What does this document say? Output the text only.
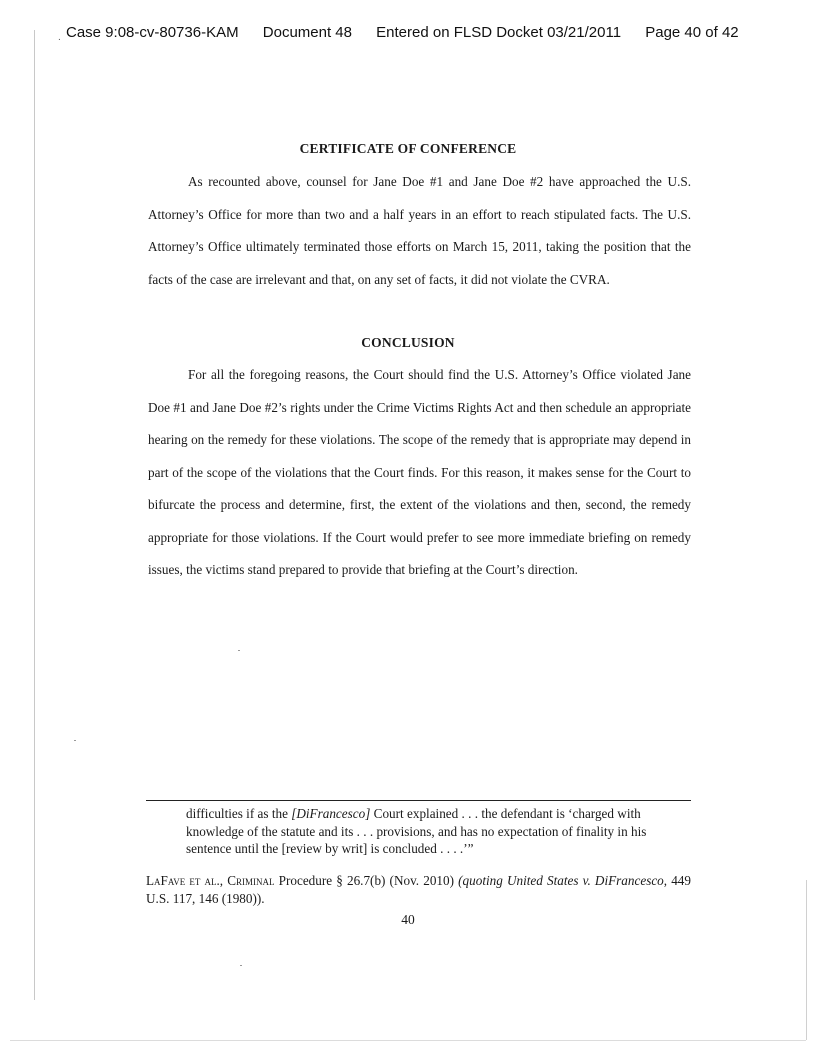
. Case 9:08-cv-80736-KAM Document 48 Entered on FLSD Docket 03/21/2011 Page 40 of 42
CERTIFICATE OF CONFERENCE
As recounted above, counsel for Jane Doe #1 and Jane Doe #2 have approached the U.S. Attorney’s Office for more than two and a half years in an effort to reach stipulated facts. The U.S. Attorney’s Office ultimately terminated those efforts on March 15, 2011, taking the position that the facts of the case are irrelevant and that, on any set of facts, it did not violate the CVRA.
CONCLUSION
For all the foregoing reasons, the Court should find the U.S. Attorney’s Office violated Jane Doe #1 and Jane Doe #2’s rights under the Crime Victims Rights Act and then schedule an appropriate hearing on the remedy for these violations. The scope of the remedy that is appropriate may depend in part of the scope of the violations that the Court finds. For this reason, it makes sense for the Court to bifurcate the process and determine, first, the extent of the violations and then, second, the remedy appropriate for those violations. If the Court would prefer to see more immediate briefing on remedy issues, the victims stand prepared to provide that briefing at the Court’s direction.
difficulties if as the [DiFrancesco] Court explained . . . the defendant is ‘charged with knowledge of the statute and its . . . provisions, and has no expectation of finality in his sentence until the [review by writ] is concluded . . . .’”
LaFave et al., Criminal Procedure § 26.7(b) (Nov. 2010) (quoting United States v. DiFrancesco, 449 U.S. 117, 146 (1980)).
40
